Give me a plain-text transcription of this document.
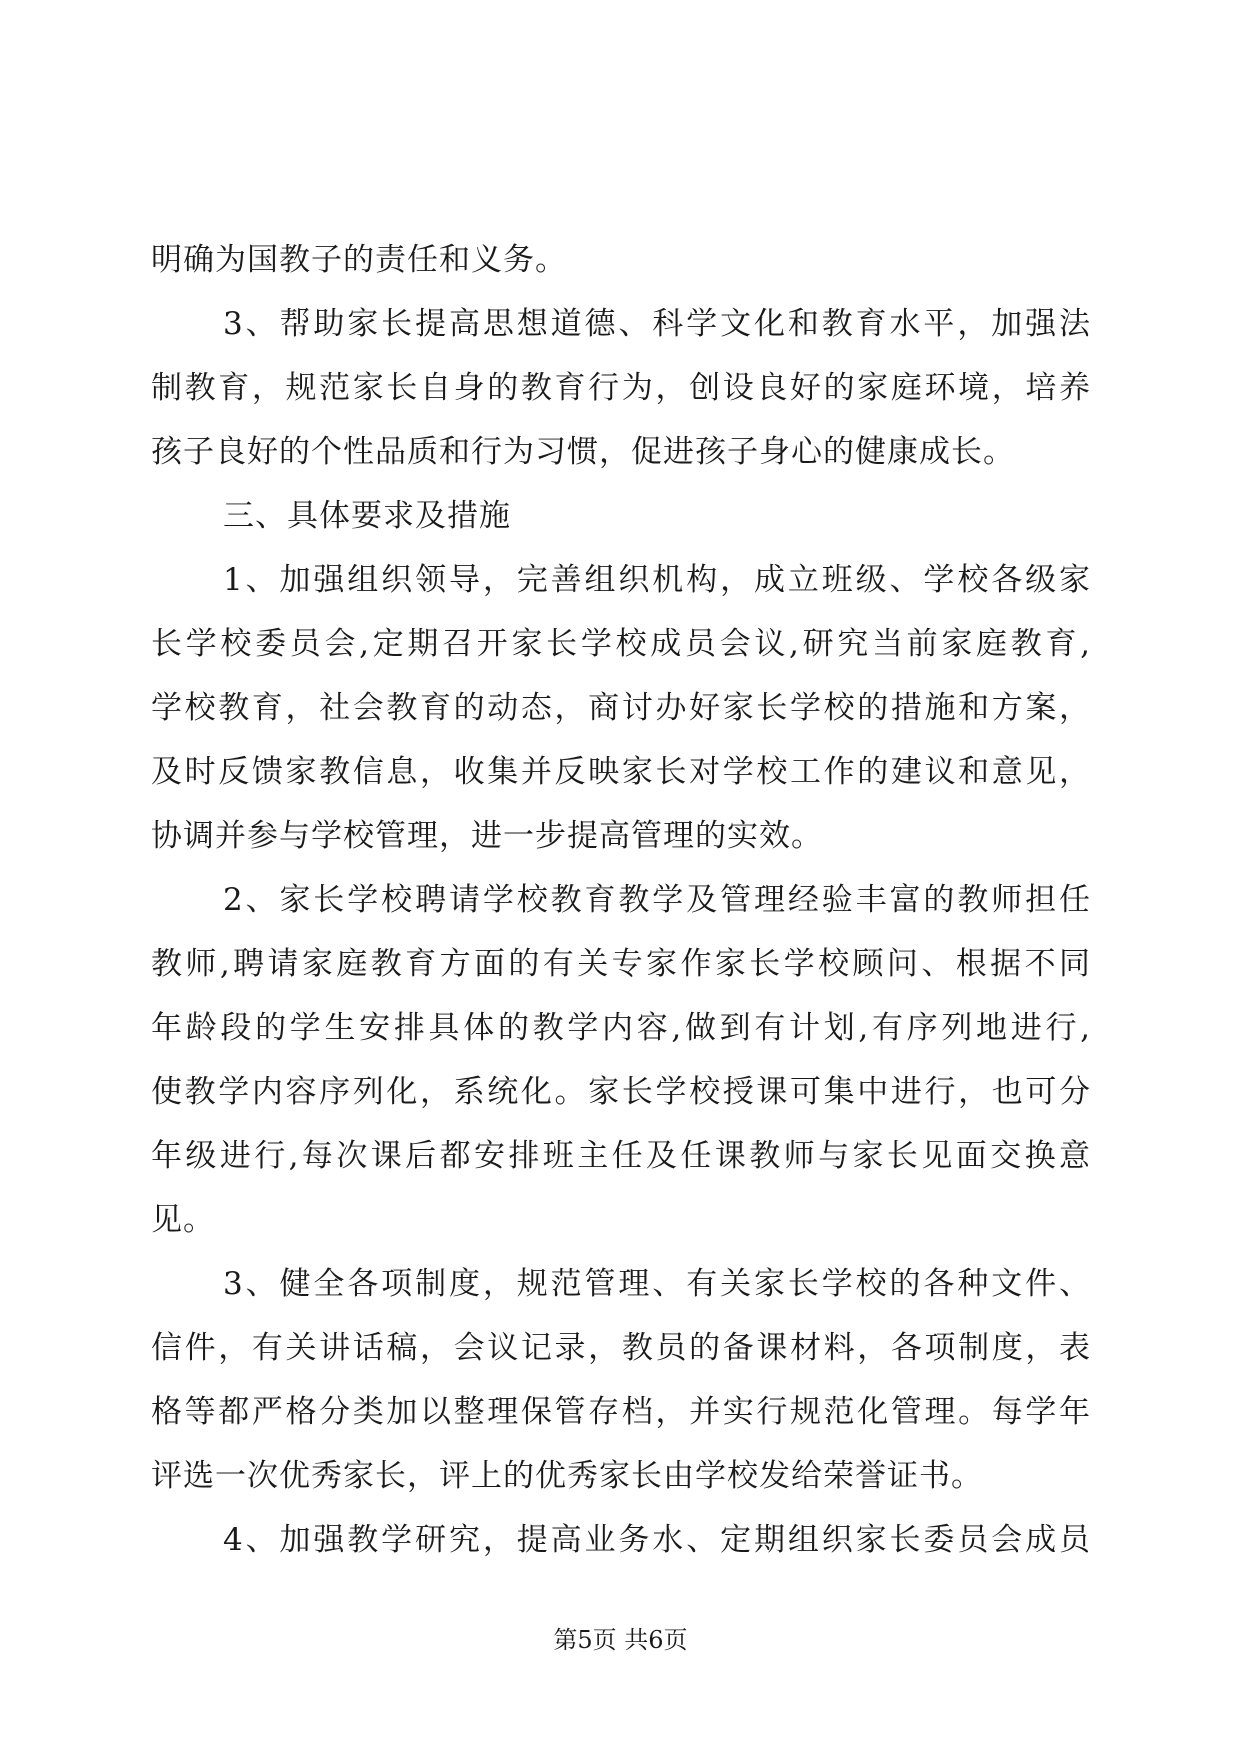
明确为国教子的责任和义务。
3、帮助家长提高思想道德、科学文化和教育水平，加强法
制教育，规范家长自身的教育行为，创设良好的家庭环境，培养
孩子良好的个性品质和行为习惯，促进孩子身心的健康成长。
三、具体要求及措施
1、加强组织领导，完善组织机构，成立班级、学校各级家
长学校委员会,定期召开家长学校成员会议,研究当前家庭教育,
学校教育，社会教育的动态，商讨办好家长学校的措施和方案，
及时反馈家教信息，收集并反映家长对学校工作的建议和意见，
协调并参与学校管理，进一步提高管理的实效。
2、家长学校聘请学校教育教学及管理经验丰富的教师担任
教师,聘请家庭教育方面的有关专家作家长学校顾问、根据不同
年龄段的学生安排具体的教学内容,做到有计划,有序列地进行,
使教学内容序列化，系统化。家长学校授课可集中进行，也可分
年级进行,每次课后都安排班主任及任课教师与家长见面交换意
见。
3、健全各项制度，规范管理、有关家长学校的各种文件、
信件，有关讲话稿，会议记录，教员的备课材料，各项制度，表
格等都严格分类加以整理保管存档，并实行规范化管理。每学年
评选一次优秀家长，评上的优秀家长由学校发给荣誉证书。
4、加强教学研究，提高业务水、定期组织家长委员会成员
第5页 共6页
